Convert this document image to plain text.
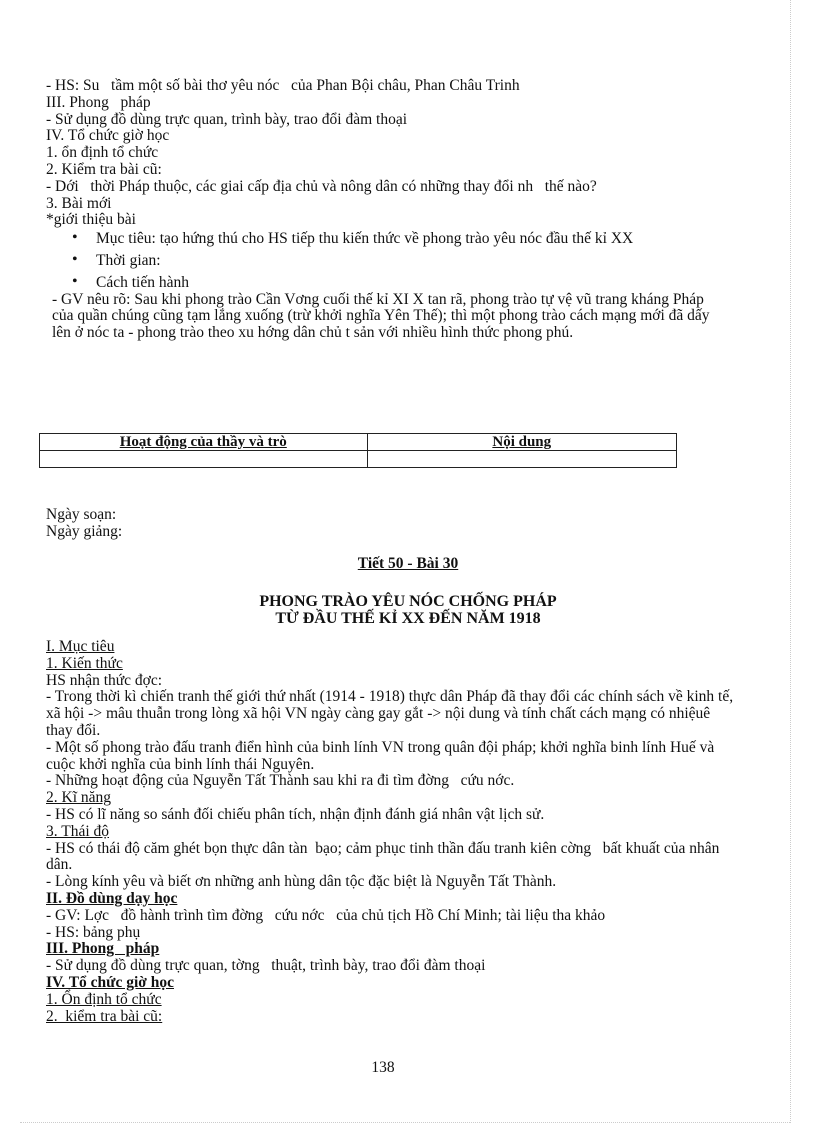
- HS: Su   tầm một số bài thơ yêu nóc   của Phan Bội châu, Phan Châu Trinh
III. Phong   pháp
- Sử dụng đồ dùng trực quan, trình bày, trao đổi đàm thoại
IV. Tổ chức giờ học
1. ổn định tổ chức
2. Kiểm tra bài cũ:
- Dới   thời Pháp thuộc, các giai cấp địa chủ và nông dân có những thay đổi nh   thế nào?
3. Bài mới
*giới thiệu bài
• Mục tiêu: tạo hứng thú cho HS tiếp thu kiến thức về phong trào yêu nóc đầu thế kỉ XX
• Thời gian:
• Cách tiến hành
- GV nêu rõ: Sau khi phong trào Cần Vơng cuối thế kỉ XI X tan rã, phong trào tự vệ vũ trang kháng Pháp của quần chúng cũng tạm lắng xuống (trừ khởi nghĩa Yên Thế); thì một phong trào cách mạng mới đã dấy lên ở nóc ta - phong trào theo xu hớng dân chủ t sản với nhiều hình thức phong phú.
Hoạt động của thầy và trò	Nội dung

Ngày soạn:
Ngày giảng:
Tiết 50 - Bài 30
PHONG TRÀO YÊU NÓC CHỐNG PHÁP
TỪ ĐẦU THẾ KỈ XX ĐẾN NĂM 1918
I. Mục tiêu
1. Kiến thức
HS nhận thức đợc:
- Trong thời kì chiến tranh thế giới thứ nhất (1914 - 1918) thực dân Pháp đã thay đổi các chính sách về kinh tế, xã hội -> mâu thuẫn trong lòng xã hội VN ngày càng gay gắt -> nội dung và tính chất cách mạng có nhiệuê thay đổi.
- Một số phong trào đấu tranh điển hình của binh lính VN trong quân đội pháp; khởi nghĩa binh lính Huế và cuộc khởi nghĩa của binh lính thái Nguyên.
- Những hoạt động của Nguyễn Tất Thành sau khi ra đi tìm đờng   cứu nớc.
2. Kĩ năng
- HS có lĩ năng so sánh đối chiếu phân tích, nhận định đánh giá nhân vật lịch sử.
3. Thái độ
- HS có thái độ căm ghét bọn thực dân tàn  bạo; cảm phục tinh thần đấu tranh kiên cờng   bất khuất của nhân dân.
- Lòng kính yêu và biết ơn những anh hùng dân tộc đặc biệt là Nguyễn Tất Thành.
II. Đồ dùng dạy học
- GV: Lợc   đồ hành trình tìm đờng   cứu nớc   của chủ tịch Hồ Chí Minh; tài liệu tha khảo
- HS: bảng phụ
III. Phong   pháp
- Sử dụng đồ dùng trực quan, tờng   thuật, trình bày, trao đổi đàm thoại
IV. Tổ chức giờ học
1. Ổn định tổ chức
2.  kiểm tra bài cũ:
138
